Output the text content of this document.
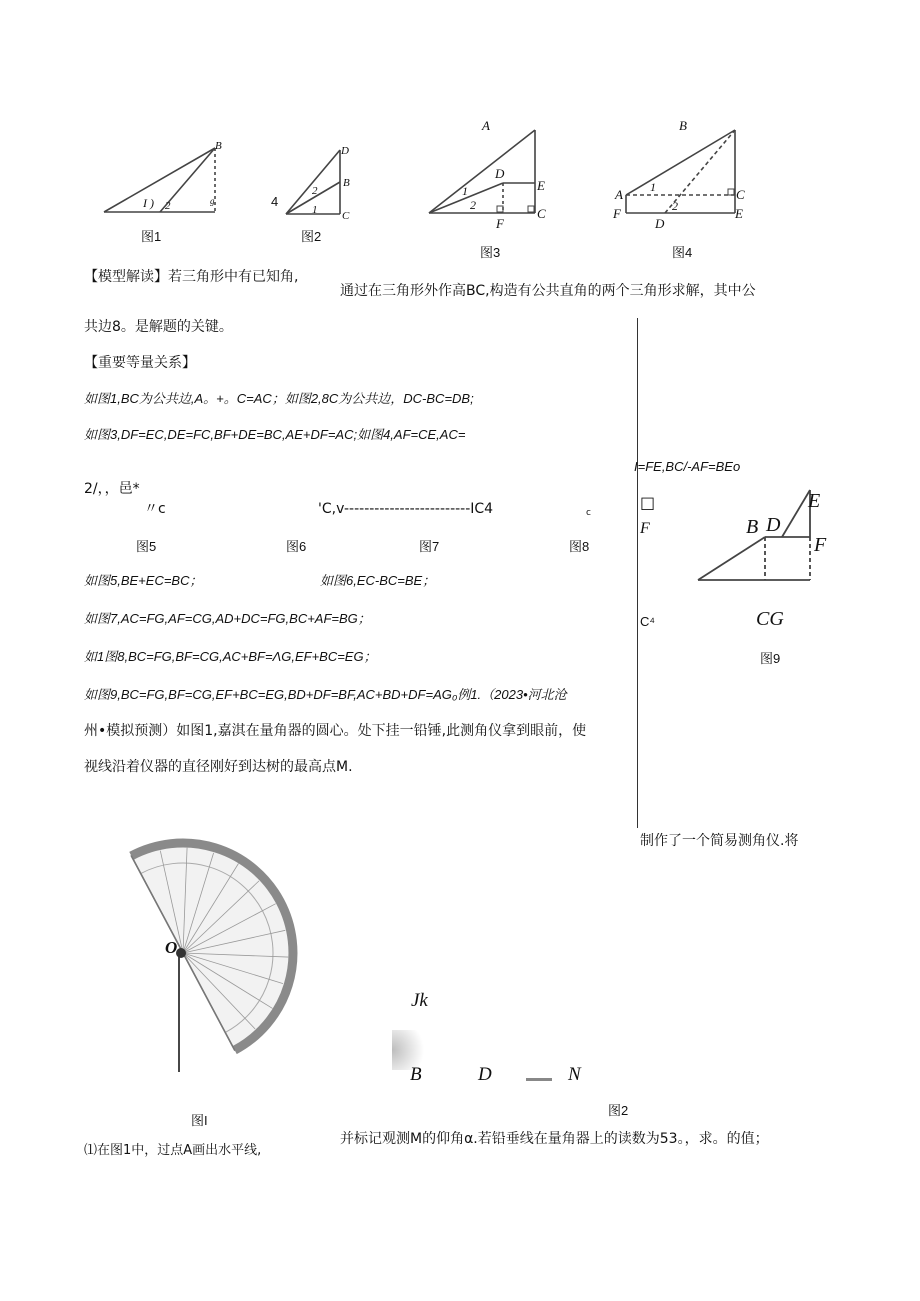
B
I ) 2	g
图1
D
B
C
4
2
1
图2
A
D
E
C
F
1
2
图3
B
A	C
F
D
E
1
2
图4
【模型解读】若三角形中有已知角,
通过在三角形外作高BC,构造有公共直角的两个三角形求解，其中公
共边8。是解题的关键。
【重要等量关系】
如图1,BC为公共边,A。+。C=AC；如图2,8C为公共边，DC-BC=DB;
如图3,DF=EC,DE=FC,BF+DE=BC,AE+DF=AC;如图4,AF=CE,AC=
I=FE,BC/-AF=BEo
2/，，邑*
〃c	'C,v-------------------------IC4	c
□
F
图5	图6	图7	图8
如图5,BE+EC=BC；	如图6,EC-BC=BE；
如图7,AC=FG,AF=CG,AD+DC=FG,BC+AF=BG；
如1图8,BC=FG,BF=CG,AC+BF=ΛG,EF+BC=EG；
如图9,BC=FG,BF=CG,EF+BC=EG,BD+DF=BF,AC+BD+DF=AG₀例1.（2023•河北沧
州•模拟预测）如图1,嘉淇在量角器的圆心。处下挂一铅锤,此测角仪拿到眼前，使
视线沿着仪器的直径刚好到达树的最高点M.
C⁴
制作了一个简易测角仪.将
E
B D
F
CG
图9
O
图I
Jk
B	D	N
图2
⑴在图1中，过点A画出水平线,
并标记观测M的仰角α.若铅垂线在量角器上的读数为53。，求。的值；
